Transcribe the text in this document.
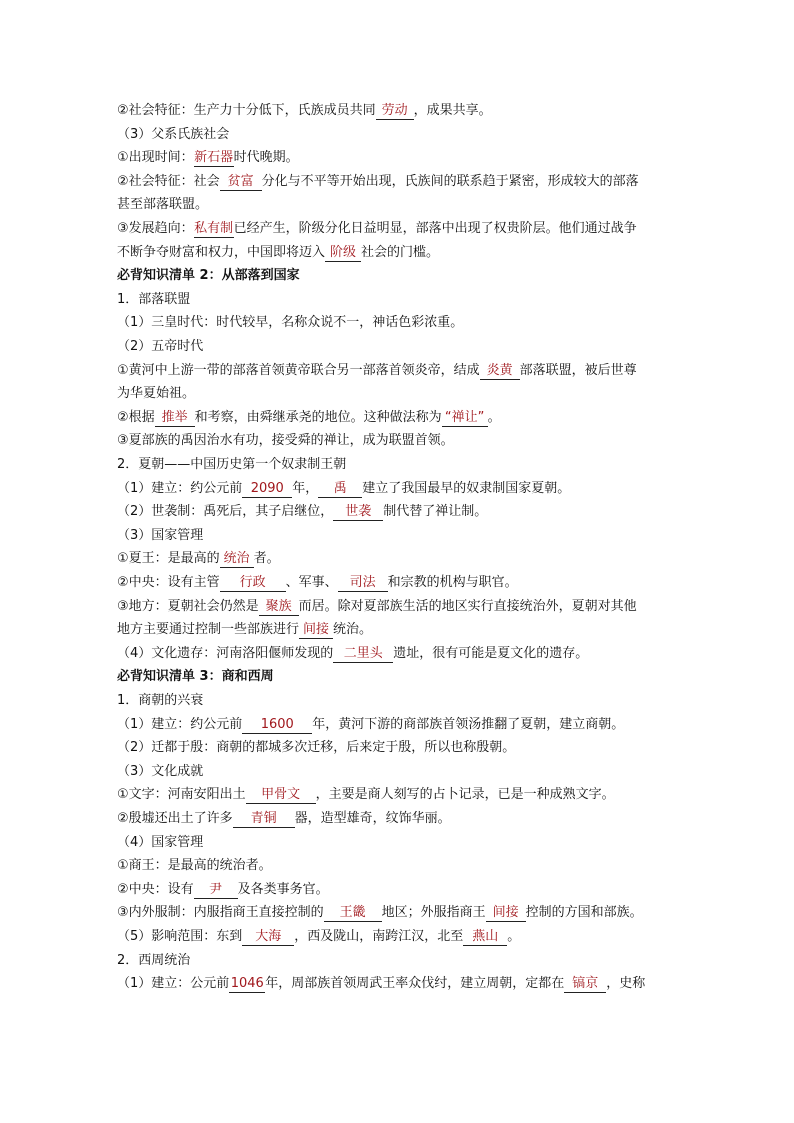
②社会特征：生产力十分低下，氏族成员共同 劳动 ，成果共享。
（3）父系氏族社会
①出现时间：新石器时代晚期。
②社会特征：社会 贫富 分化与不平等开始出现，氏族间的联系趋于紧密，形成较大的部落
甚至部落联盟。
③发展趋向：私有制已经产生，阶级分化日益明显，部落中出现了权贵阶层。他们通过战争
不断争夺财富和权力，中国即将迈入 阶级 社会的门槛。
必背知识清单 2：从部落到国家
1．部落联盟
（1）三皇时代：时代较早，名称众说不一，神话色彩浓重。
（2）五帝时代
①黄河中上游一带的部落首领黄帝联合另一部落首领炎帝，结成 炎黄 部落联盟，被后世尊
为华夏始祖。
②根据 推举 和考察，由舜继承尧的地位。这种做法称为 “禅让” 。
③夏部族的禹因治水有功，接受舜的禅让，成为联盟首领。
2．夏朝——中国历史第一个奴隶制王朝
（1）建立：约公元前 2090 年， 禹 建立了我国最早的奴隶制国家夏朝。
（2）世袭制：禹死后，其子启继位， 世袭 制代替了禅让制。
（3）国家管理
①夏王：是最高的 统治 者。
②中央：设有主管 行政 、军事、 司法 和宗教的机构与职官。
③地方：夏朝社会仍然是 聚族 而居。除对夏部族生活的地区实行直接统治外，夏朝对其他
地方主要通过控制一些部族进行 间接 统治。
（4）文化遗存：河南洛阳偃师发现的 二里头 遗址，很有可能是夏文化的遗存。
必背知识清单 3：商和西周
1．商朝的兴衰
（1）建立：约公元前 1600 年，黄河下游的商部族首领汤推翻了夏朝，建立商朝。
（2）迁都于殷：商朝的都城多次迁移，后来定于殷，所以也称殷朝。
（3）文化成就
①文字：河南安阳出土 甲骨文 ，主要是商人刻写的占卜记录，已是一种成熟文字。
②殷墟还出土了许多 青铜 器，造型雄奇，纹饰华丽。
（4）国家管理
①商王：是最高的统治者。
②中央：设有 尹 及各类事务官。
③内外服制：内服指商王直接控制的 王畿 地区；外服指商王 间接 控制的方国和部族。
（5）影响范围：东到 大海 ，西及陇山，南跨江汉，北至 燕山 。
2．西周统治
（1）建立：公元前1046年，周部族首领周武王率众伐纣，建立周朝，定都在 镐京 ，史称
